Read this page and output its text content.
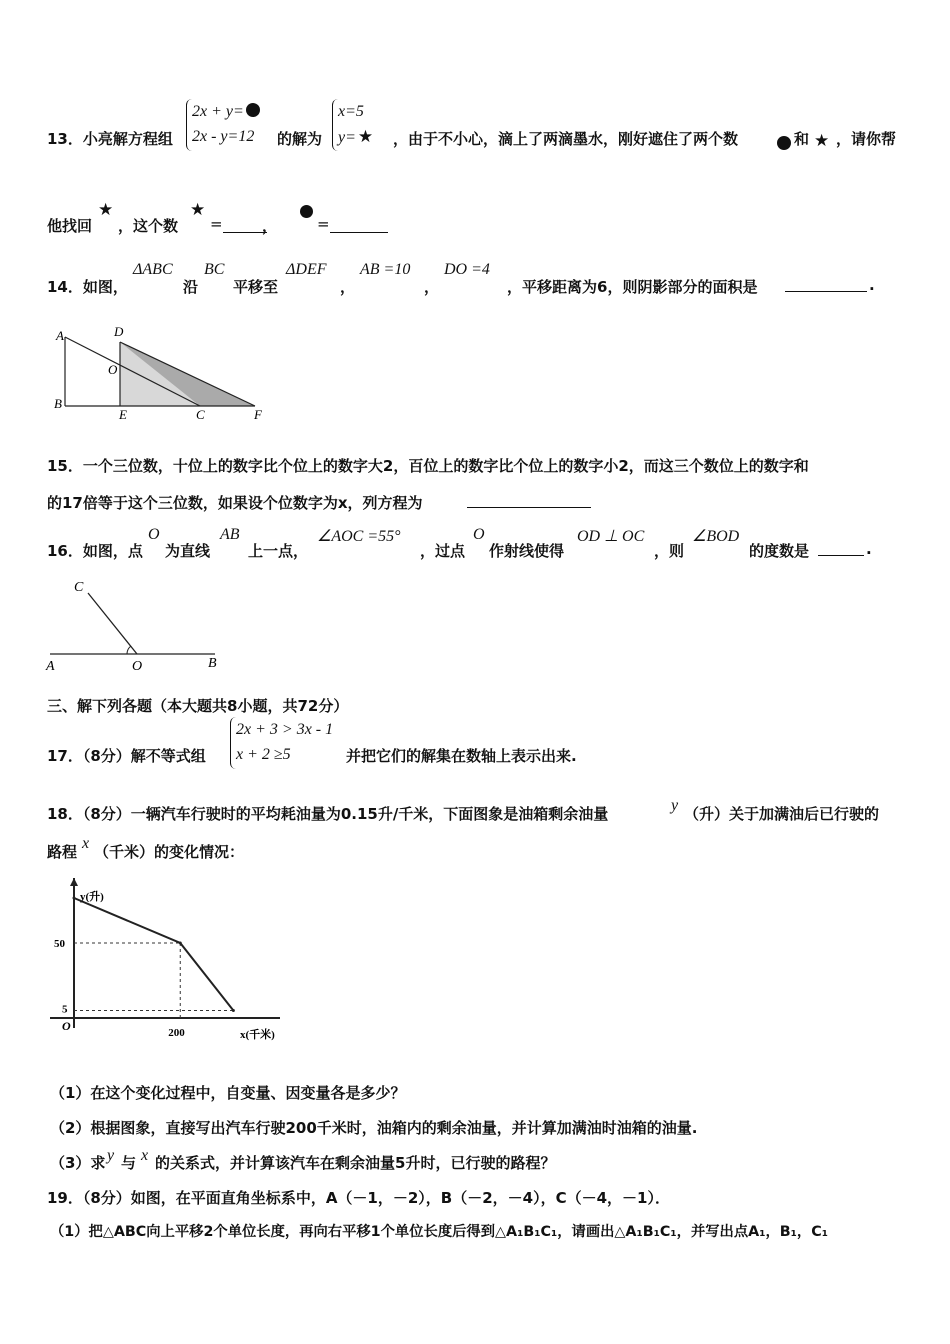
13．小亮解方程组
2x + y=
2x - y=12	的解为
x=5
y= ★ ，由于不小心，滴上了两滴墨水，刚好遮住了两个数	和 ★ ，请你帮
他找回
★
，这个数
★
=	，	=
14．如图，
ΔABC
沿
BC
平移至
ΔDEF
，
AB =10
，
DO =4
，平移距离为6，则阴影部分的面积是	.
A	D
O
B
E	C	F
15．一个三位数，十位上的数字比个位上的数字大2，百位上的数字比个位上的数字小2，而这三个数位上的数字和
的17倍等于这个三位数，如果设个位数字为x，列方程为
16．如图，点
O
为直线
AB
上一点，
∠AOC =55°
，过点
O
作射线使得
OD ⊥ OC
，则
∠BOD
的度数是	.
C
A	O	B
三、解下列各题（本大题共8小题，共72分）
17．（8分）解不等式组
2x + 3 > 3x - 1
x + 2 ≥5	并把它们的解集在数轴上表示出来.
18．（8分）一辆汽车行驶时的平均耗油量为0.15升/千米，下面图象是油箱剩余油量	y （升）关于加满油后已行驶的
路程 x （千米）的变化情况：
y(升)
x(千米)
O
50
5
200
（1）在这个变化过程中，自变量、因变量各是多少？
（2）根据图象，直接写出汽车行驶200千米时，油箱内的剩余油量，并计算加满油时油箱的油量.
（3）求 y 与 x 的关系式，并计算该汽车在剩余油量5升时，已行驶的路程？
19．（8分）如图，在平面直角坐标系中，A（－1，－2），B（－2，－4），C（－4，－1）．
（1）把△ABC向上平移2个单位长度，再向右平移1个单位长度后得到△A₁B₁C₁，请画出△A₁B₁C₁，并写出点A₁，B₁，C₁
